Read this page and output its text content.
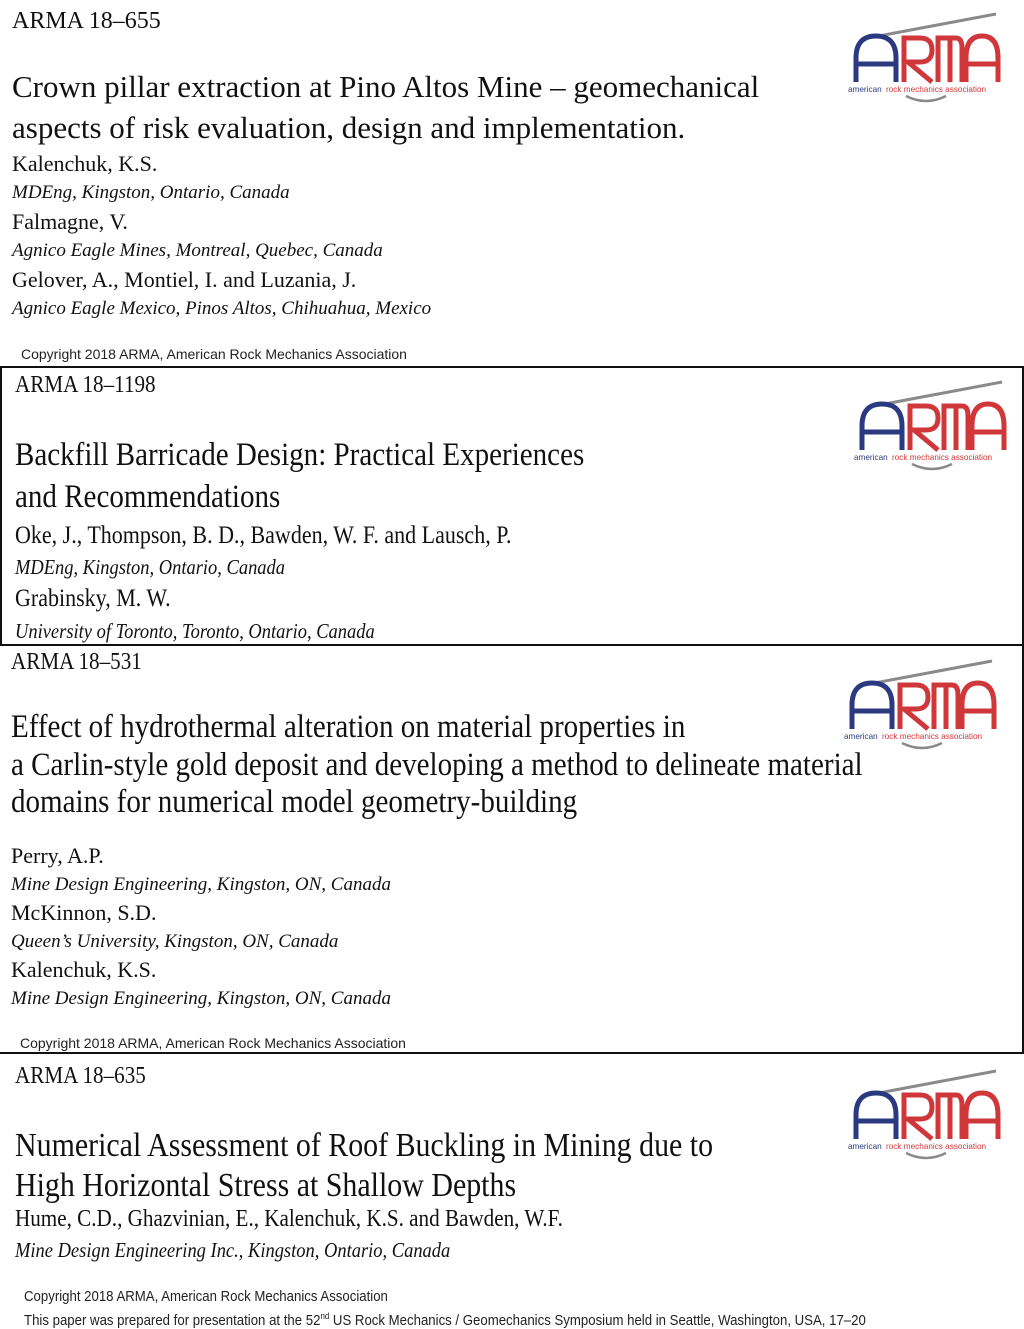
ARMA 18–655
Crown pillar extraction at Pino Altos Mine – geomechanical
aspects of risk evaluation, design and implementation.
Kalenchuk, K.S.
MDEng, Kingston, Ontario, Canada
Falmagne, V.
Agnico Eagle Mines, Montreal, Quebec, Canada
Gelover, A., Montiel, I. and Luzania, J.
Agnico Eagle Mexico, Pinos Altos, Chihuahua, Mexico
Copyright 2018 ARMA, American Rock Mechanics Association
american rock mechanics association
ARMA 18–1198
Backfill Barricade Design: Practical Experiences
and Recommendations
Oke, J., Thompson, B. D., Bawden, W. F. and Lausch, P.
MDEng, Kingston, Ontario, Canada
Grabinsky, M. W.
University of Toronto, Toronto, Ontario, Canada
american rock mechanics association
ARMA 18–531
Effect of hydrothermal alteration on material properties in
a Carlin-style gold deposit and developing a method to delineate material
domains for numerical model geometry-building
Perry, A.P.
Mine Design Engineering, Kingston, ON, Canada
McKinnon, S.D.
Queen’s University, Kingston, ON, Canada
Kalenchuk, K.S.
Mine Design Engineering, Kingston, ON, Canada
Copyright 2018 ARMA, American Rock Mechanics Association
american rock mechanics association
ARMA 18–635
Numerical Assessment of Roof Buckling in Mining due to
High Horizontal Stress at Shallow Depths
Hume, C.D., Ghazvinian, E., Kalenchuk, K.S. and Bawden, W.F.
Mine Design Engineering Inc., Kingston, Ontario, Canada
Copyright 2018 ARMA, American Rock Mechanics Association
This paper was prepared for presentation at the 52nd US Rock Mechanics / Geomechanics Symposium held in Seattle, Washington, USA, 17–20
american rock mechanics association
